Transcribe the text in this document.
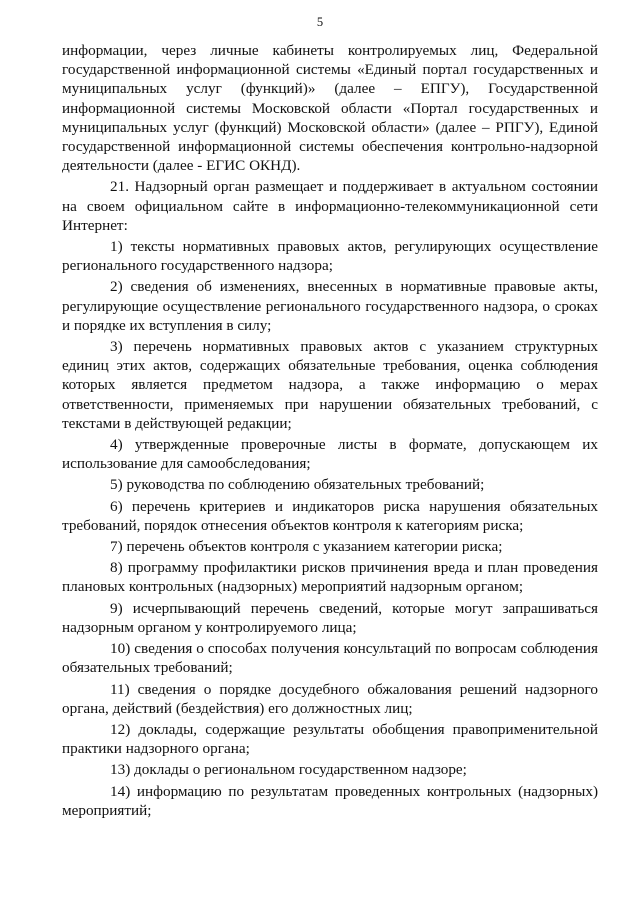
5

информации, через личные кабинеты контролируемых лиц, Федеральной государственной информационной системы «Единый портал государственных и муниципальных услуг (функций)» (далее – ЕПГУ), Государственной информационной системы Московской области «Портал государственных и муниципальных услуг (функций) Московской области» (далее – РПГУ), Единой государственной информационной системы обеспечения контрольно-надзорной деятельности (далее - ЕГИС ОКНД).

21. Надзорный орган размещает и поддерживает в актуальном состоянии на своем официальном сайте в информационно-телекоммуникационной сети Интернет:

1) тексты нормативных правовых актов, регулирующих осуществление регионального государственного надзора;

2) сведения об изменениях, внесенных в нормативные правовые акты, регулирующие осуществление регионального государственного надзора, о сроках и порядке их вступления в силу;

3) перечень нормативных правовых актов с указанием структурных единиц этих актов, содержащих обязательные требования, оценка соблюдения которых является предметом надзора, а также информацию о мерах ответственности, применяемых при нарушении обязательных требований, с текстами в действующей редакции;

4) утвержденные проверочные листы в формате, допускающем их использование для самообследования;

5) руководства по соблюдению обязательных требований;

6) перечень критериев и индикаторов риска нарушения обязательных требований, порядок отнесения объектов контроля к категориям риска;

7) перечень объектов контроля с указанием категории риска;

8) программу профилактики рисков причинения вреда и план проведения плановых контрольных (надзорных) мероприятий надзорным органом;

9) исчерпывающий перечень сведений, которые могут запрашиваться надзорным органом у контролируемого лица;

10) сведения о способах получения консультаций по вопросам соблюдения обязательных требований;

11) сведения о порядке досудебного обжалования решений надзорного органа, действий (бездействия) его должностных лиц;

12) доклады, содержащие результаты обобщения правоприменительной практики надзорного органа;

13) доклады о региональном государственном надзоре;

14) информацию по результатам проведенных контрольных (надзорных) мероприятий;
